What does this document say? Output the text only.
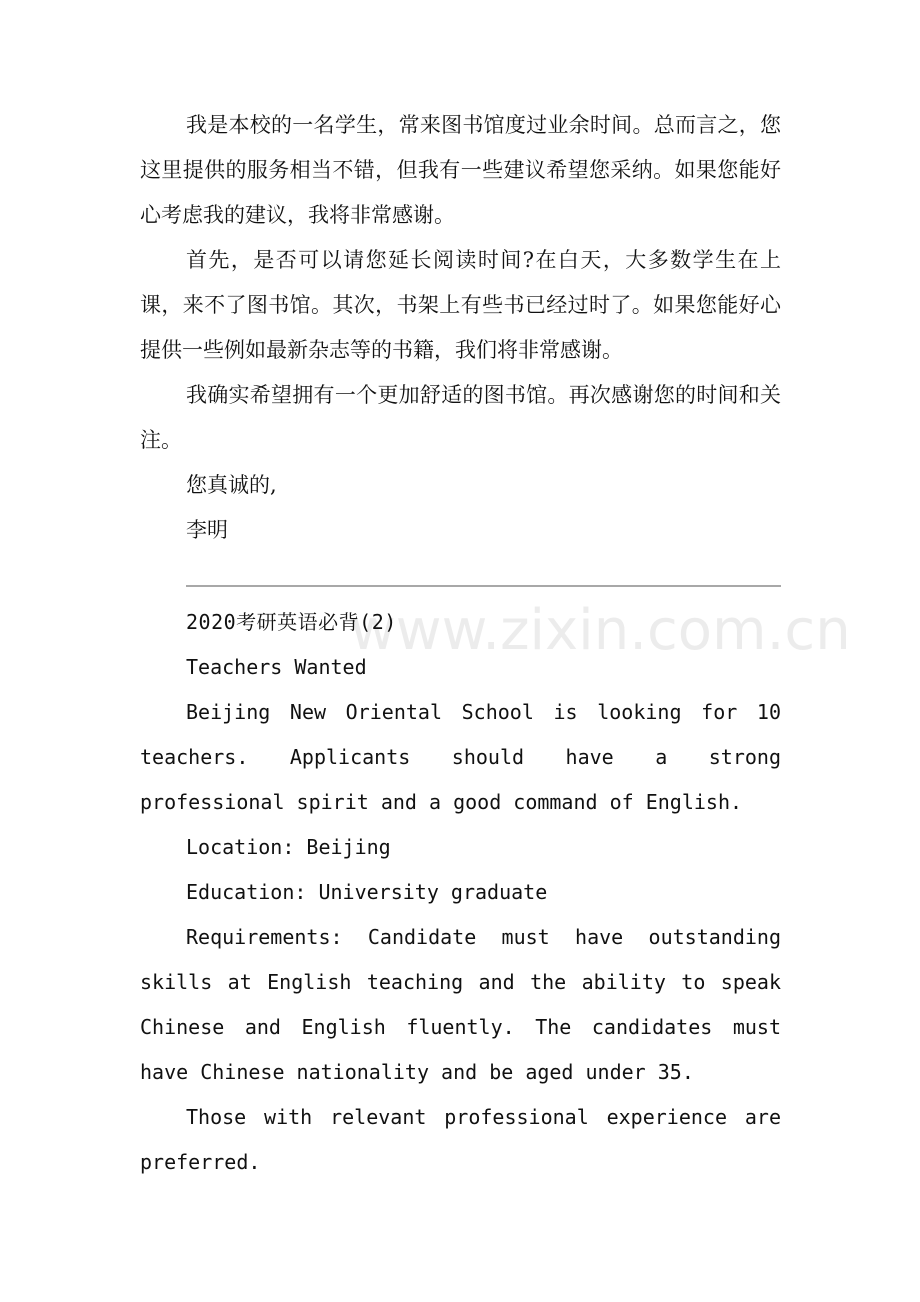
我是本校的一名学生，常来图书馆度过业余时间。总而言之，您这里提供的服务相当不错，但我有一些建议希望您采纳。如果您能好心考虑我的建议，我将非常感谢。

首先，是否可以请您延长阅读时间?在白天，大多数学生在上课，来不了图书馆。其次，书架上有些书已经过时了。如果您能好心提供一些例如最新杂志等的书籍，我们将非常感谢。

我确实希望拥有一个更加舒适的图书馆。再次感谢您的时间和关注。

您真诚的,

李明

www.zixin.com.cn

2020考研英语必背(2)

Teachers Wanted

Beijing New Oriental School is looking for 10 teachers. Applicants should have a strong professional spirit and a good command of English.

Location: Beijing

Education: University graduate

Requirements: Candidate must have outstanding skills at English teaching and the ability to speak Chinese and English fluently. The candidates must have Chinese nationality and be aged under 35.

Those with relevant professional experience are preferred.
